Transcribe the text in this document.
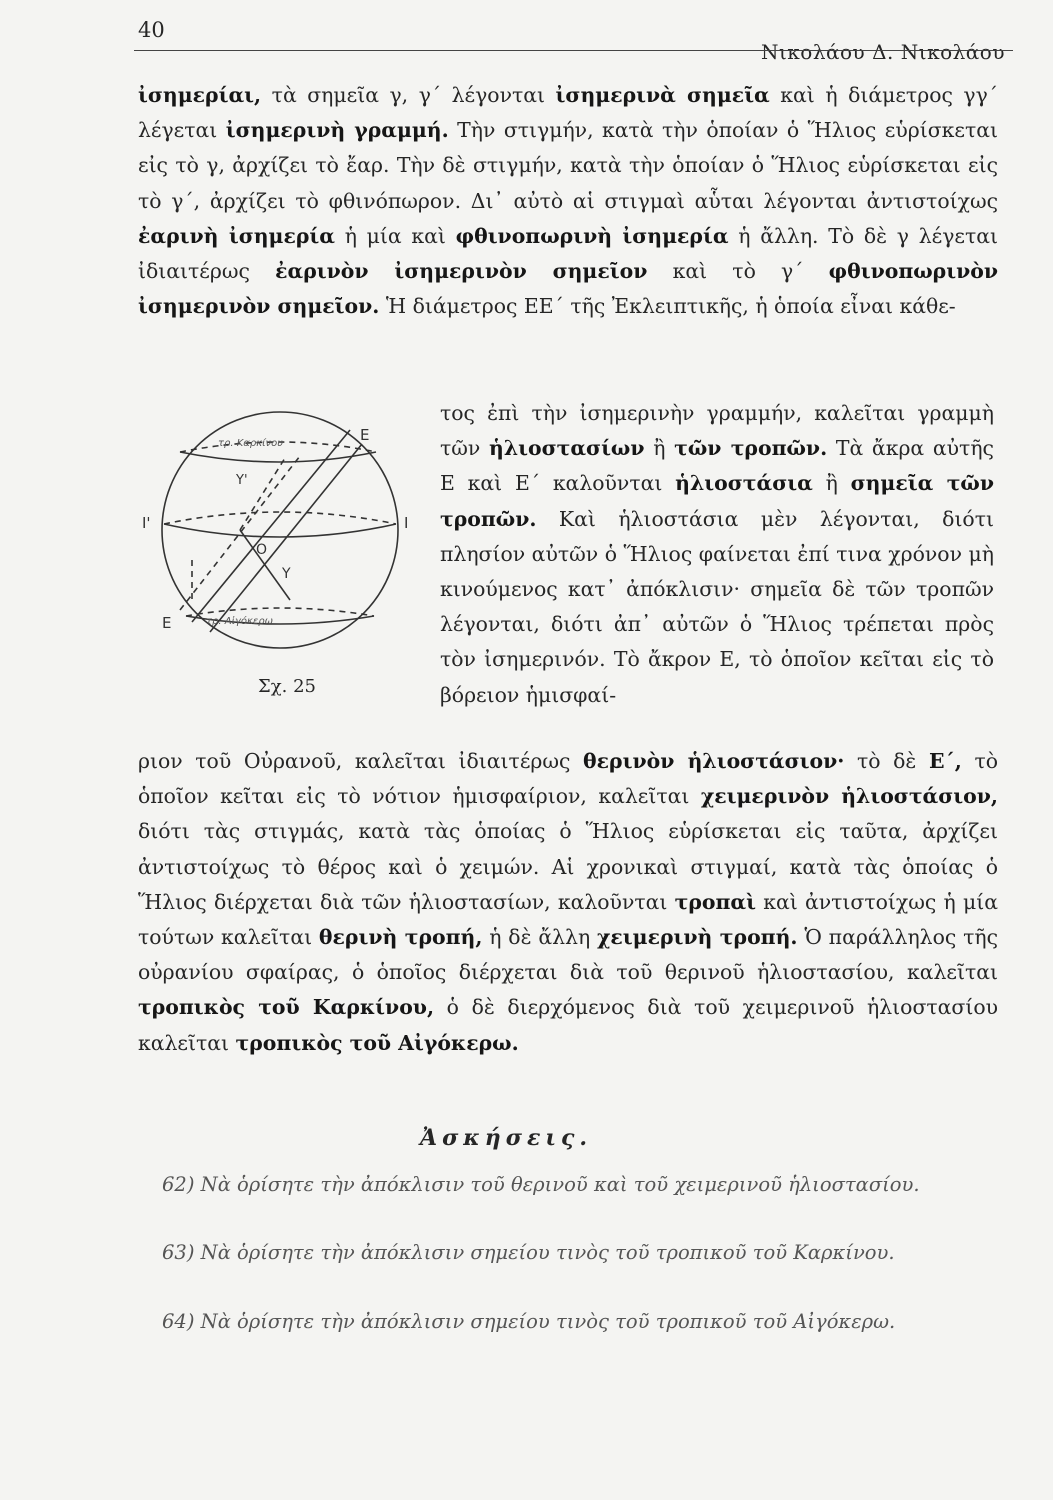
40
Νικολάου Δ. Νικολάου

ἰσημερίαι, τὰ σημεῖα γ, γ΄ λέγονται ἰσημερινὰ σημεῖα καὶ ἡ διάμετρος γγ΄ λέγεται ἰσημερινὴ γραμμή. Τὴν στιγμήν, κατὰ τὴν ὁποίαν ὁ Ἥλιος εὑρίσκεται εἰς τὸ γ, ἀρχίζει τὸ ἔαρ. Τὴν δὲ στιγμήν, κατὰ τὴν ὁποίαν ὁ Ἥλιος εὑρίσκεται εἰς τὸ γ΄, ἀρχίζει τὸ φθινόπωρον. Δι᾽ αὐτὸ αἱ στιγμαὶ αὗται λέγονται ἀντιστοίχως ἐαρινὴ ἰσημερία ἡ μία καὶ φθινοπωρινὴ ἰσημερία ἡ ἄλλη. Τὸ δὲ γ λέγεται ἰδιαιτέρως ἐαρινὸν ἰσημερινὸν σημεῖον καὶ τὸ γ΄ φθινοπωρινὸν ἰσημερινὸν σημεῖον. Ἡ διάμετρος ΕΕ΄ τῆς Ἐκλειπτικῆς, ἡ ὁποία εἶναι κάθε-

E
E
I
I'
O
Y
Y'
τρ. Καρκίνου
τρ. Αἰγόκερω
Σχ. 25

τος ἐπὶ τὴν ἰσημερινὴν γραμμήν, καλεῖται γραμμὴ τῶν ἡλιοστασίων ἢ τῶν τροπῶν. Τὰ ἄκρα αὐτῆς Ε καὶ Ε΄ καλοῦνται ἡλιοστάσια ἢ σημεῖα τῶν τροπῶν. Καὶ ἡλιοστάσια μὲν λέγονται, διότι πλησίον αὐτῶν ὁ Ἥλιος φαίνεται ἐπί τινα χρόνον μὴ κινούμενος κατ᾽ ἀπόκλισιν· σημεῖα δὲ τῶν τροπῶν λέγονται, διότι ἀπ᾽ αὐτῶν ὁ Ἥλιος τρέπεται πρὸς τὸν ἰσημερινόν. Τὸ ἄκρον Ε, τὸ ὁποῖον κεῖται εἰς τὸ βόρειον ἡμισφαί-

ριον τοῦ Οὐρανοῦ, καλεῖται ἰδιαιτέρως θερινὸν ἡλιοστάσιον· τὸ δὲ Ε΄, τὸ ὁποῖον κεῖται εἰς τὸ νότιον ἡμισφαίριον, καλεῖται χειμερινὸν ἡλιοστάσιον, διότι τὰς στιγμάς, κατὰ τὰς ὁποίας ὁ Ἥλιος εὑρίσκεται εἰς ταῦτα, ἀρχίζει ἀντιστοίχως τὸ θέρος καὶ ὁ χειμών. Αἱ χρονικαὶ στιγμαί, κατὰ τὰς ὁποίας ὁ Ἥλιος διέρχεται διὰ τῶν ἡλιοστασίων, καλοῦνται τροπαὶ καὶ ἀντιστοίχως ἡ μία τούτων καλεῖται θερινὴ τροπή, ἡ δὲ ἄλλη χειμερινὴ τροπή. Ὁ παράλληλος τῆς οὐρανίου σφαίρας, ὁ ὁποῖος διέρχεται διὰ τοῦ θερινοῦ ἡλιοστασίου, καλεῖται τροπικὸς τοῦ Καρκίνου, ὁ δὲ διερχόμενος διὰ τοῦ χειμερινοῦ ἡλιοστασίου καλεῖται τροπικὸς τοῦ Αἰγόκερω.

Ἀσκήσεις.

62) Νὰ ὁρίσητε τὴν ἀπόκλισιν τοῦ θερινοῦ καὶ τοῦ χειμερινοῦ ἡλιοστασίου.

63) Νὰ ὁρίσητε τὴν ἀπόκλισιν σημείου τινὸς τοῦ τροπικοῦ τοῦ Καρκίνου.

64) Νὰ ὁρίσητε τὴν ἀπόκλισιν σημείου τινὸς τοῦ τροπικοῦ τοῦ Αἰγόκερω.
